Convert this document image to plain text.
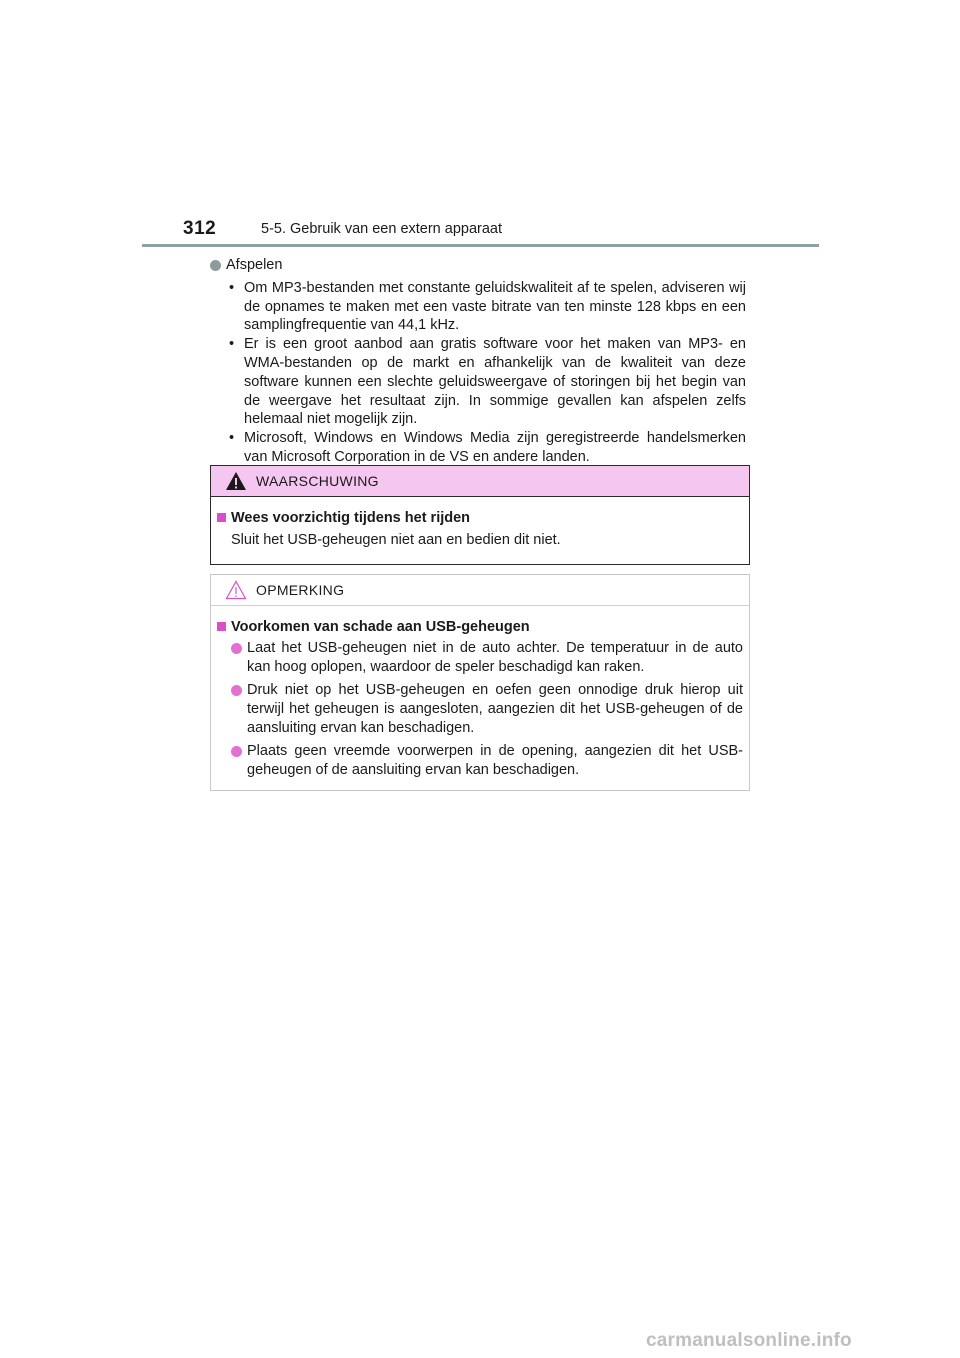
312	5-5. Gebruik van een extern apparaat
Afspelen
• Om MP3-bestanden met constante geluidskwaliteit af te spelen, adviseren wij de opnames te maken met een vaste bitrate van ten minste 128 kbps en een samplingfrequentie van 44,1 kHz.
• Er is een groot aanbod aan gratis software voor het maken van MP3- en WMA-bestanden op de markt en afhankelijk van de kwaliteit van deze software kunnen een slechte geluidsweergave of storingen bij het begin van de weergave het resultaat zijn. In sommige gevallen kan afspelen zelfs helemaal niet mogelijk zijn.
• Microsoft, Windows en Windows Media zijn geregistreerde handelsmerken van Microsoft Corporation in de VS en andere landen.
WAARSCHUWING
Wees voorzichtig tijdens het rijden
Sluit het USB-geheugen niet aan en bedien dit niet.
OPMERKING
Voorkomen van schade aan USB-geheugen
Laat het USB-geheugen niet in de auto achter. De temperatuur in de auto kan hoog oplopen, waardoor de speler beschadigd kan raken.
Druk niet op het USB-geheugen en oefen geen onnodige druk hierop uit terwijl het geheugen is aangesloten, aangezien dit het USB-geheugen of de aansluiting ervan kan beschadigen.
Plaats geen vreemde voorwerpen in de opening, aangezien dit het USB-geheugen of de aansluiting ervan kan beschadigen.
carmanualsonline.info
